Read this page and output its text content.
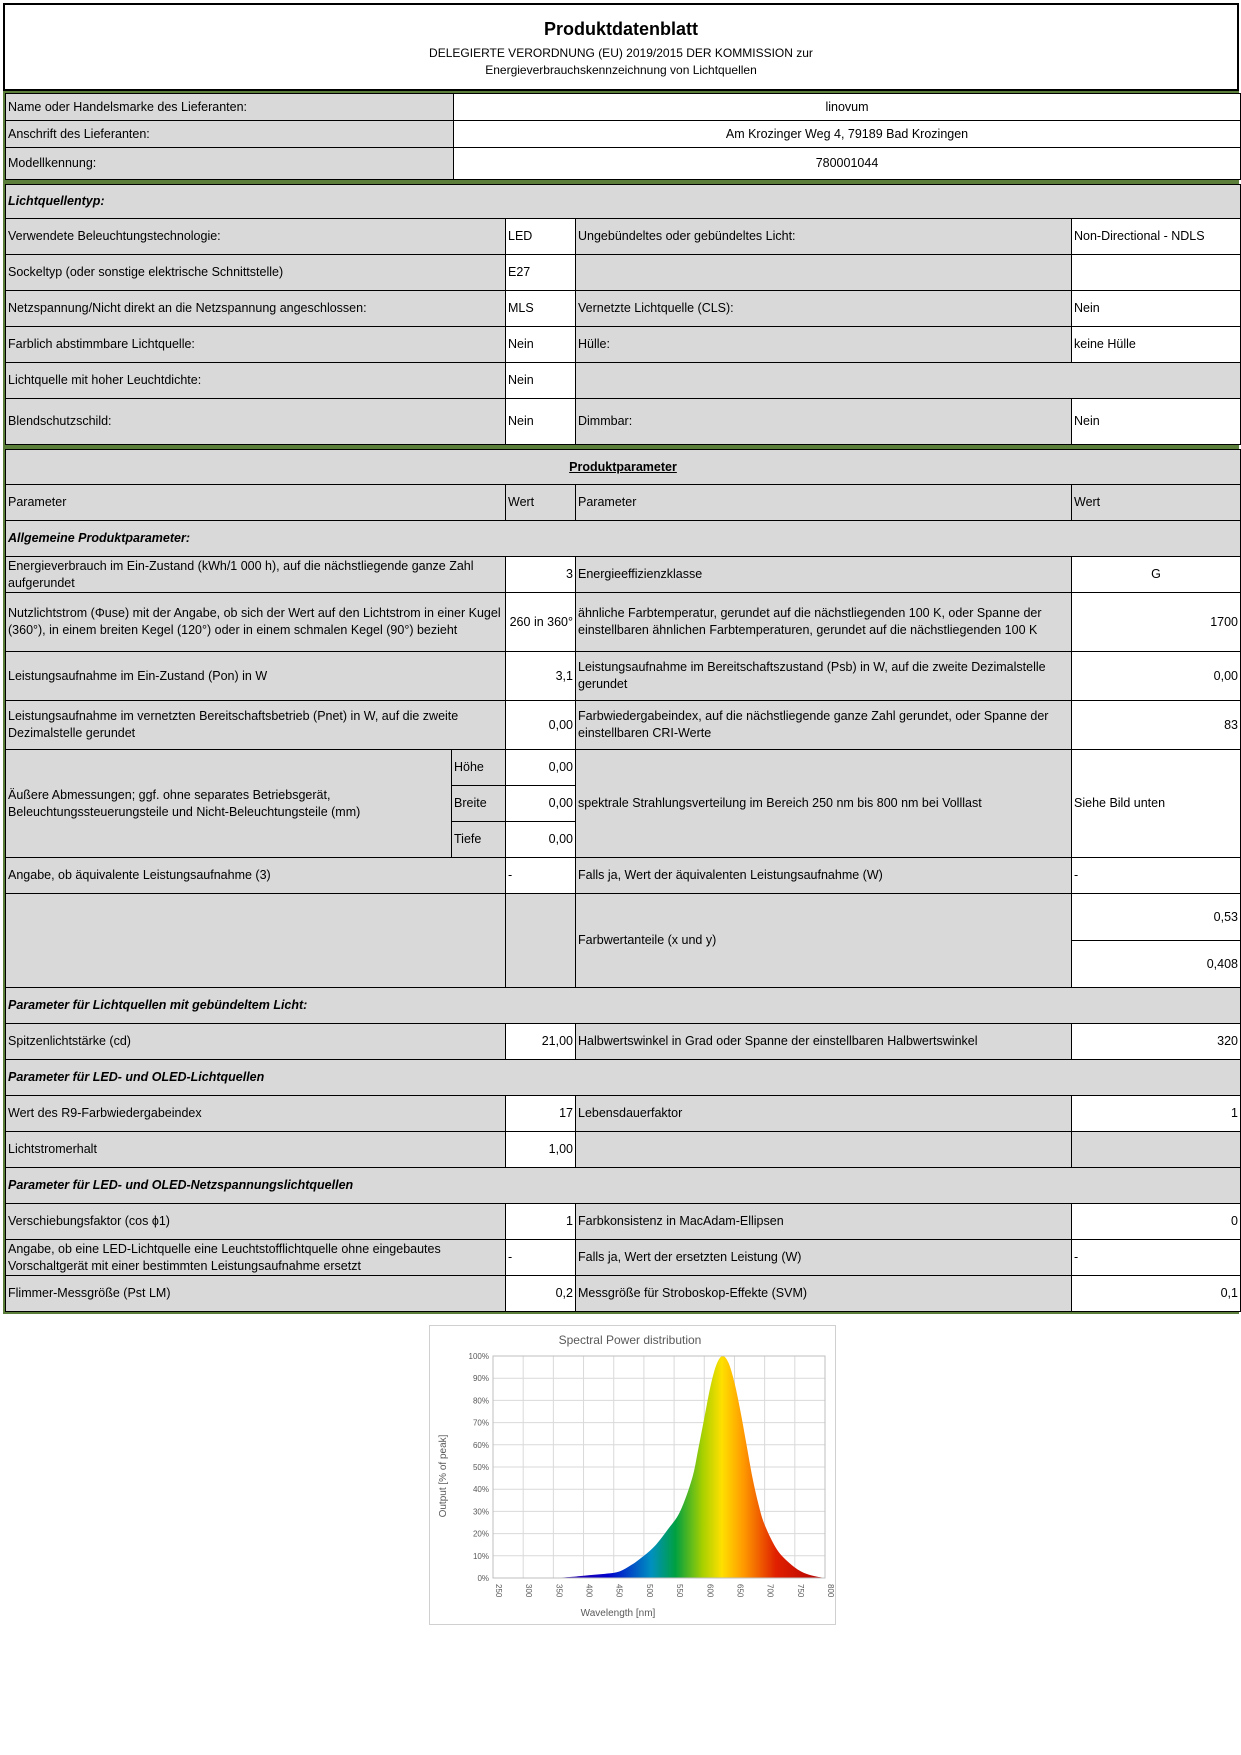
Produktdatenblatt
DELEGIERTE VERORDNUNG (EU) 2019/2015 DER KOMMISSION zur
Energieverbrauchskennzeichnung von Lichtquellen
Name oder Handelsmarke des Lieferanten:	linovum
Anschrift des Lieferanten:	Am Krozinger Weg 4, 79189 Bad Krozingen
Modellkennung:	780001044
Lichtquellentyp:			
Verwendete Beleuchtungstechnologie:	LED	Ungebündeltes oder gebündeltes Licht:	Non-Directional - NDLS
Sockeltyp (oder sonstige elektrische Schnittstelle)	E27		
Netzspannung/Nicht direkt an die Netzspannung angeschlossen:	MLS	Vernetzte Lichtquelle (CLS):	Nein
Farblich abstimmbare Lichtquelle:	Nein	Hülle:	keine Hülle
Lichtquelle mit hoher Leuchtdichte:	Nein		
Blendschutzschild:	Nein	Dimmbar:	Nein
Produktparameter				
Parameter		Wert	Parameter	Wert
Allgemeine Produktparameter:				
Energieverbrauch im Ein-Zustand (kWh/1 000 h), auf die nächstliegende ganze Zahl aufgerundet		3	Energieeffizienzklasse	G
Nutzlichtstrom (Φuse) mit der Angabe, ob sich der Wert auf den Lichtstrom in einer Kugel (360°), in einem breiten Kegel (120°) oder in einem schmalen Kegel (90°) bezieht		260 in 360°	ähnliche Farbtemperatur, gerundet auf die nächstliegenden 100 K, oder Spanne der einstellbaren ähnlichen Farbtemperaturen, gerundet auf die nächstliegenden 100 K	1700
Leistungsaufnahme im Ein-Zustand (Pon) in W		3,1	Leistungsaufnahme im Bereitschaftszustand (Psb) in W, auf die zweite Dezimalstelle gerundet	0,00
Leistungsaufnahme im vernetzten Bereitschaftsbetrieb (Pnet) in W, auf die zweite Dezimalstelle gerundet		0,00	Farbwiedergabeindex, auf die nächstliegende ganze Zahl gerundet, oder Spanne der einstellbaren CRI-Werte	83
Äußere Abmessungen; ggf. ohne separates Betriebsgerät, Beleuchtungssteuerungsteile und Nicht-Beleuchtungsteile (mm)	Höhe	0,00	spektrale Strahlungsverteilung im Bereich 250 nm bis 800 nm bei Volllast	Siehe Bild unten
	Breite	0,00		
	Tiefe	0,00		
Angabe, ob äquivalente Leistungsaufnahme (3)		-	Falls ja, Wert der äquivalenten Leistungsaufnahme (W)	-
			Farbwertanteile (x und y)	0,53
				0,408
Parameter für Lichtquellen mit gebündeltem Licht:				
Spitzenlichtstärke (cd)		21,00	Halbwertswinkel in Grad oder Spanne der einstellbaren Halbwertswinkel	320
Parameter für LED- und OLED-Lichtquellen				
Wert des R9-Farbwiedergabeindex		17	Lebensdauerfaktor	1
Lichtstromerhalt		1,00		
Parameter für LED- und OLED-Netzspannungslichtquellen				
Verschiebungsfaktor (cos ϕ1)		1	Farbkonsistenz in MacAdam-Ellipsen	0
Angabe, ob eine LED-Lichtquelle eine Leuchtstofflichtquelle ohne eingebautes Vorschaltgerät mit einer bestimmten Leistungsaufnahme ersetzt		-	Falls ja, Wert der ersetzten Leistung (W)	-
Flimmer-Messgröße (Pst LM)		0,2	Messgröße für Stroboskop-Effekte (SVM)	0,1
Spectral Power distribution
0%
10%
20%
30%
40%
50%
60%
70%
80%
90%
100%
250	300	350	400	450	500	550	600	650	700	750	800
Wavelength [nm]
Output [% of peak]
